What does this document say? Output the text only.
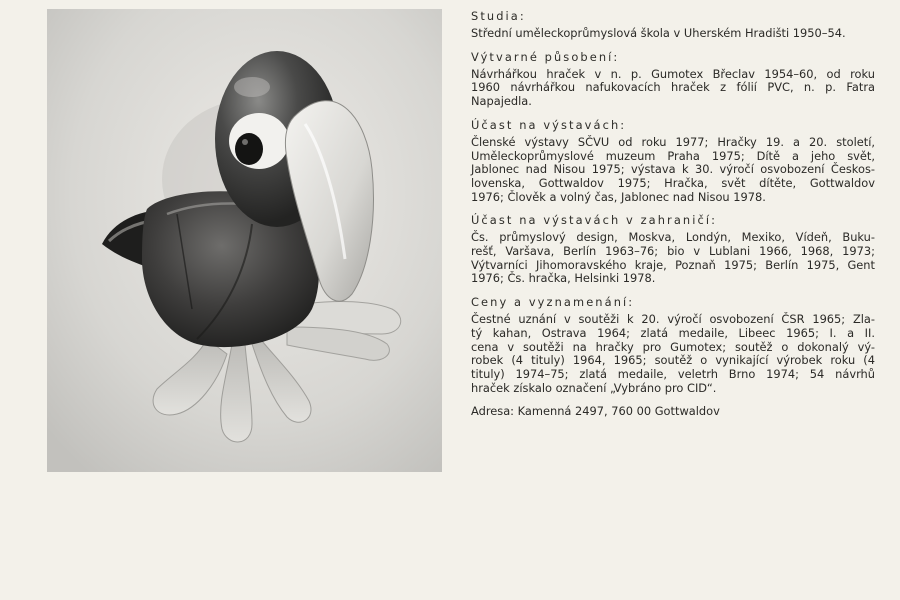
Studia:
Střední uměleckoprůmyslová škola v Uherském Hradišti 1950–54.
Výtvarné působení:
Návrhářkou hraček v n. p. Gumotex Břeclav 1954–60, od roku
1960 návrhářkou nafukovacích hraček z fólií PVC, n. p. Fatra
Napajedla.
Účast na výstavách:
Členské výstavy SČVU od roku 1977; Hračky 19. a 20. století,
Uměleckoprůmyslové muzeum Praha 1975; Dítě a jeho svět,
Jablonec nad Nisou 1975; výstava k 30. výročí osvobození Českos-
lovenska, Gottwaldov 1975; Hračka, svět dítěte, Gottwaldov
1976; Člověk a volný čas, Jablonec nad Nisou 1978.
Účast na výstavách v zahraničí:
Čs. průmyslový design, Moskva, Londýn, Mexiko, Vídeň, Buku-
rešť, Varšava, Berlín 1963–76; bio v Lublani 1966, 1968, 1973;
Výtvarníci Jihomoravského kraje, Poznaň 1975; Berlín 1975, Gent
1976; Čs. hračka, Helsinki 1978.
Ceny a vyznamenání:
Čestné uznání v soutěži k 20. výročí osvobození ČSR 1965; Zla-
tý kahan, Ostrava 1964; zlatá medaile, Libeec 1965; I. a II.
cena v soutěži na hračky pro Gumotex; soutěž o dokonalý vý-
robek (4 tituly) 1964, 1965; soutěž o vynikající výrobek roku (4
tituly) 1974–75; zlatá medaile, veletrh Brno 1974; 54 návrhů
hraček získalo označení „Vybráno pro CID“.
Adresa: Kamenná 2497, 760 00 Gottwaldov
